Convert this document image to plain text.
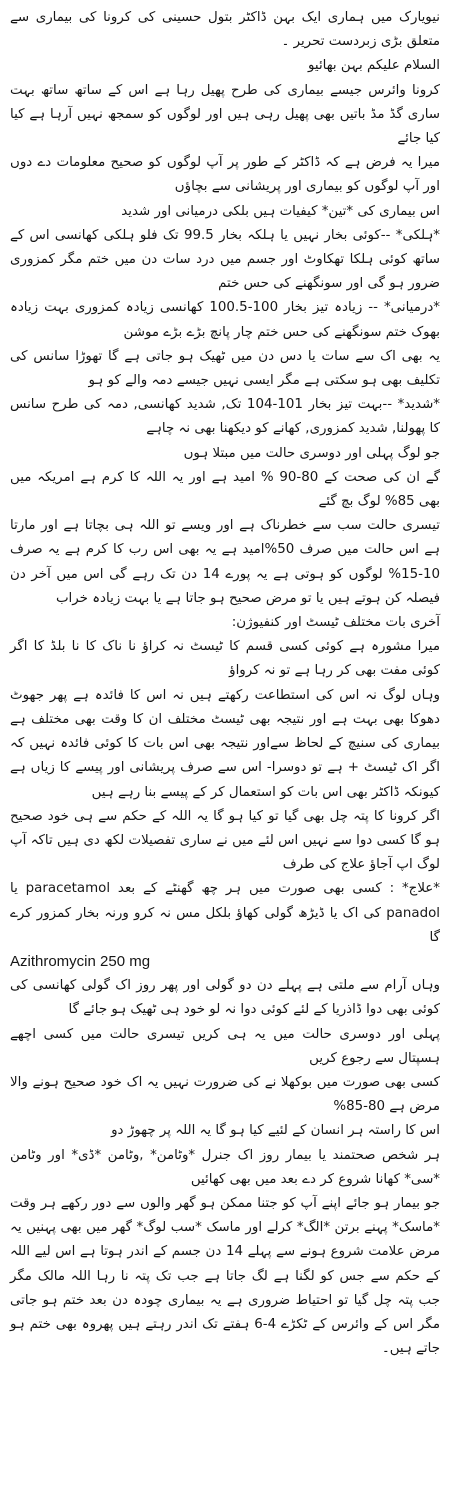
نیویارک میں ہماری ایک بہن ڈاکٹر بتول حسینی کی کرونا کی بیماری سے متعلق بڑی زبردست تحریر ۔

السلام علیکم بہن بھائیو

کرونا وائرس جیسے بیماری کی طرح پھیل رہا ہے اس کے ساتھ ساتھ بہت ساری گڈ مڈ باتیں بھی پھیل رہی ہیں اور لوگوں کو سمجھ نہیں آرہا ہے کیا کیا جائے

میرا یہ فرض ہے کہ ڈاکٹر کے طور پر آپ لوگوں کو صحیح معلومات دے دوں اور آپ لوگوں کو بیماری اور پریشانی سے بچاؤں

اس بیماری کی *تین* کیفیات ہیں بلکی درمیانی اور شدید

*ہلکی* --کوئی بخار نہیں یا ہلکہ بخار 99.5 تک فلو ہلکی کھانسی اس کے ساتھ کوئی ہلکا تھکاوٹ اور جسم میں درد سات دن میں ختم مگر کمزوری ضرور ہو گی اور سونگھنے کی حس ختم

*درمیانی* -- زیادہ تیز بخار 100-100.5 کھانسی زیادہ کمزوری بہت زیادہ بھوک ختم سونگھنے کی حس ختم چار پانچ بڑے بڑے موشن

یہ بھی اک سے سات یا دس دن میں ٹھیک ہو جاتی ہے گا تھوڑا سانس کی تکلیف بھی ہو سکتی ہے مگر ایسی نہیں جیسے دمہ والے کو ہو

*شدید* --بہت تیز بخار 101-104 تک, شدید کھانسی, دمہ کی طرح سانس کا پھولنا, شدید کمزوری, کھانے کو دیکھنا بھی نہ چاہے

جو لوگ پہلی اور دوسری حالت میں مبتلا ہوں

گے ان کی صحت کے 80-90 % امید ہے اور یہ اللہ کا کرم ہے امریکہ میں بھی 85% لوگ بچ گئے

تیسری حالت سب سے خطرناک ہے اور ویسے تو اللہ ہی بچاتا ہے اور مارتا ہے اس حالت میں صرف 50%امید ہے یہ بھی اس رب کا کرم ہے یہ صرف 10-15% لوگوں کو ہوتی ہے یہ پورے 14 دن تک رہے گی اس میں آخر دن فیصلہ کن ہوتے ہیں یا تو مرض صحیح ہو جاتا ہے یا بہت زیادہ خراب

آخری بات مختلف ٹیسٹ اور کنفیوژن:

میرا مشورہ ہے کوئی کسی قسم کا ٹیسٹ نہ کراؤ نا ناک کا نا بلڈ کا اگر کوئی مفت بھی کر رہا ہے تو نہ کرواؤ

وہاں لوگ نہ اس کی استطاعت رکھتے ہیں نہ اس کا فائدہ ہے پھر جھوٹ دھوکا بھی بہت ہے اور نتیجہ بھی ٹیسٹ مختلف ان کا وقت بھی مختلف ہے بیماری کی سنیچ کے لحاظ سےاور نتیجہ بھی اس بات کا کوئی فائدہ نہیں کہ اگر اک ٹیسٹ + ہے تو دوسرا- اس سے صرف پریشانی اور پیسے کا زیاں ہے کیونکہ ڈاکٹر بھی اس بات کو استعمال کر کے پیسے بنا رہے ہیں

اگر کرونا کا پتہ چل بھی گیا تو کیا ہو گا یہ اللہ کے حکم سے ہی خود صحیح ہو گا کسی دوا سے نہیں اس لئے میں نے ساری تفصیلات لکھ دی ہیں تاکہ آپ لوگ اپ آجاؤ علاج کی طرف

*علاج* : کسی بھی صورت میں ہر چھ گھنٹے کے بعد paracetamol یا panadol کی اک یا ڈیڑھ گولی کھاؤ بلکل مس نہ کرو ورنہ بخار کمزور کرے گا

Azithromycin 250 mg

وہاں آرام سے ملتی ہے پہلے دن دو گولی اور پھر روز اک گولی کھانسی کی کوئی بھی دوا ڈاذریا کے لئے کوئی دوا نہ لو خود ہی ٹھیک ہو جائے گا

پہلی اور دوسری حالت میں یہ ہی کریں تیسری حالت میں کسی اچھے ہسپتال سے رجوع کریں

کسی بھی صورت میں بوکھلا نے کی ضرورت نہیں یہ اک خود صحیح ہونے والا مرض ہے 80-85%

اس کا راستہ ہر انسان کے لئیے کیا ہو گا یہ اللہ پر چھوڑ دو

ہر شخص صحتمند یا بیمار روز اک جنرل *وٹامن* ,وٹامن *ڈی* اور وٹامن *سی* کھانا شروع کر دے بعد میں بھی کھائیں

جو بیمار ہو جائے اپنے آپ کو جتنا ممکن ہو گھر والوں سے دور رکھے ہر وقت *ماسک* پہنے برتن *الگ* کرلے اور ماسک *سب لوگ* گھر میں بھی پہنیں یہ مرض علامت شروع ہونے سے پہلے 14 دن جسم کے اندر ہوتا ہے اس لیے اللہ کے حکم سے جس کو لگنا ہے لگ جاتا ہے جب تک پتہ نا رہا اللہ مالک مگر جب پتہ چل گیا تو احتیاط ضروری ہے یہ بیماری چودہ دن بعد ختم ہو جاتی مگر اس کے وائرس کے ٹکڑے 4-6 ہفتے تک اندر رہتے ہیں پھروہ بھی ختم ہو جاتے ہیں۔
